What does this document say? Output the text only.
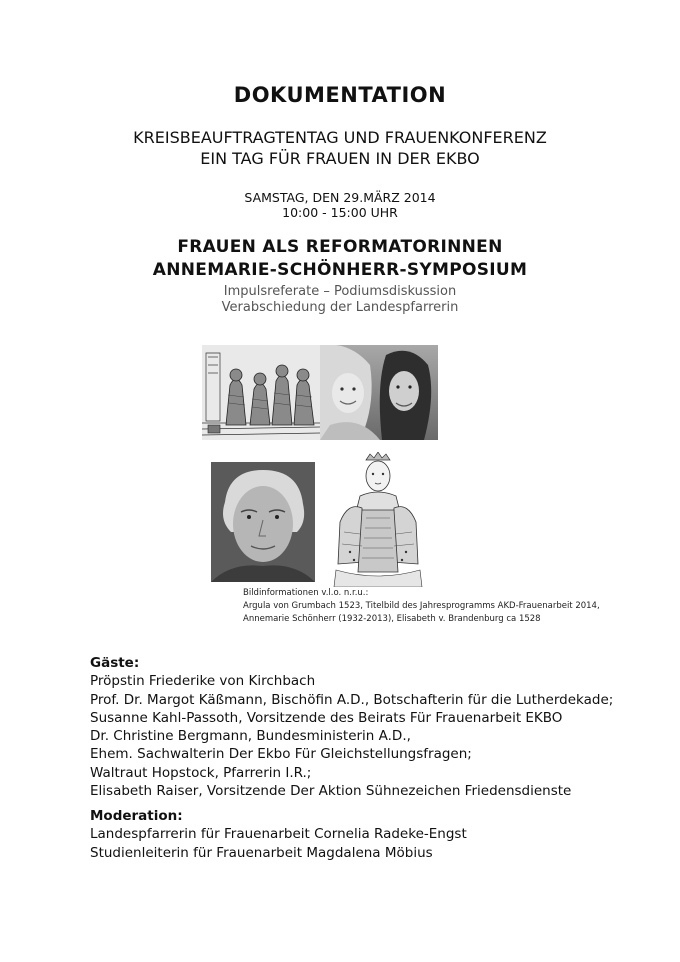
DOKUMENTATION
KREISBEAUFTRAGTENTAG UND FRAUENKONFERENZ
EIN TAG FÜR FRAUEN IN DER EKBO
SAMSTAG, DEN 29.MÄRZ 2014
10:00 - 15:00 UHR
FRAUEN ALS REFORMATORINNEN
ANNEMARIE-SCHÖNHERR-SYMPOSIUM
Impulsreferate – Podiumsdiskussion
Verabschiedung der Landespfarrerin
Bildinformationen v.l.o. n.r.u.:
Argula von Grumbach 1523, Titelbild des Jahresprogramms AKD-Frauenarbeit 2014,
Annemarie Schönherr (1932-2013), Elisabeth v. Brandenburg ca 1528
Gäste:
Pröpstin Friederike von Kirchbach
Prof. Dr. Margot Käßmann, Bischöfin A.D., Botschafterin für die Lutherdekade;
Susanne Kahl-Passoth, Vorsitzende des Beirats Für Frauenarbeit EKBO
Dr. Christine Bergmann, Bundesministerin A.D.,
Ehem. Sachwalterin Der Ekbo Für Gleichstellungsfragen;
Waltraut Hopstock, Pfarrerin I.R.;
Elisabeth Raiser, Vorsitzende Der Aktion Sühnezeichen Friedensdienste
Moderation:
Landespfarrerin für Frauenarbeit Cornelia Radeke-Engst
Studienleiterin für Frauenarbeit Magdalena Möbius
